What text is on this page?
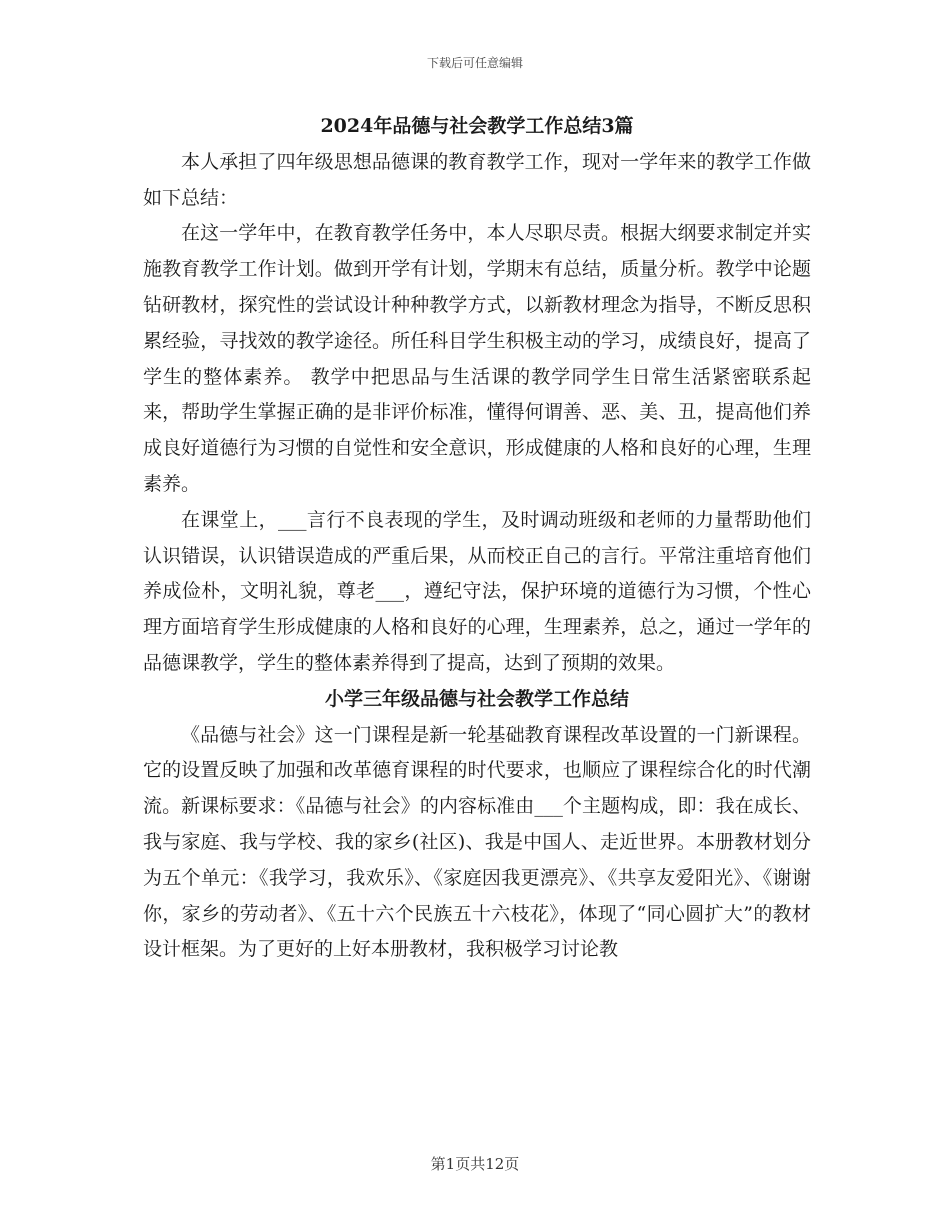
下载后可任意编辑
2024年品德与社会教学工作总结3篇

本人承担了四年级思想品德课的教育教学工作，现对一学年来的教学工作做如下总结：

在这一学年中，在教育教学任务中，本人尽职尽责。根据大纲要求制定并实施教育教学工作计划。做到开学有计划，学期末有总结，质量分析。教学中论题钻研教材，探究性的尝试设计种种教学方式，以新教材理念为指导，不断反思积累经验，寻找效的教学途径。所任科目学生积极主动的学习，成绩良好，提高了学生的整体素养。 教学中把思品与生活课的教学同学生日常生活紧密联系起来，帮助学生掌握正确的是非评价标准，懂得何谓善、恶、美、丑，提高他们养成良好道德行为习惯的自觉性和安全意识，形成健康的人格和良好的心理，生理素养。

在课堂上，___言行不良表现的学生，及时调动班级和老师的力量帮助他们认识错误，认识错误造成的严重后果，从而校正自己的言行。平常注重培育他们养成俭朴，文明礼貌，尊老___，遵纪守法，保护环境的道德行为习惯，个性心理方面培育学生形成健康的人格和良好的心理，生理素养，总之，通过一学年的品德课教学，学生的整体素养得到了提高，达到了预期的效果。

小学三年级品德与社会教学工作总结

《品德与社会》这一门课程是新一轮基础教育课程改革设置的一门新课程。它的设置反映了加强和改革德育课程的时代要求，也顺应了课程综合化的时代潮流。新课标要求：《品德与社会》的内容标准由___个主题构成，即：我在成长、我与家庭、我与学校、我的家乡(社区)、我是中国人、走近世界。本册教材划分为五个单元：《我学习，我欢乐》、《家庭因我更漂亮》、《共享友爱阳光》、《谢谢你，家乡的劳动者》、《五十六个民族五十六枝花》，体现了“同心圆扩大”的教材设计框架。为了更好的上好本册教材，我积极学习讨论教

第1页共12页
